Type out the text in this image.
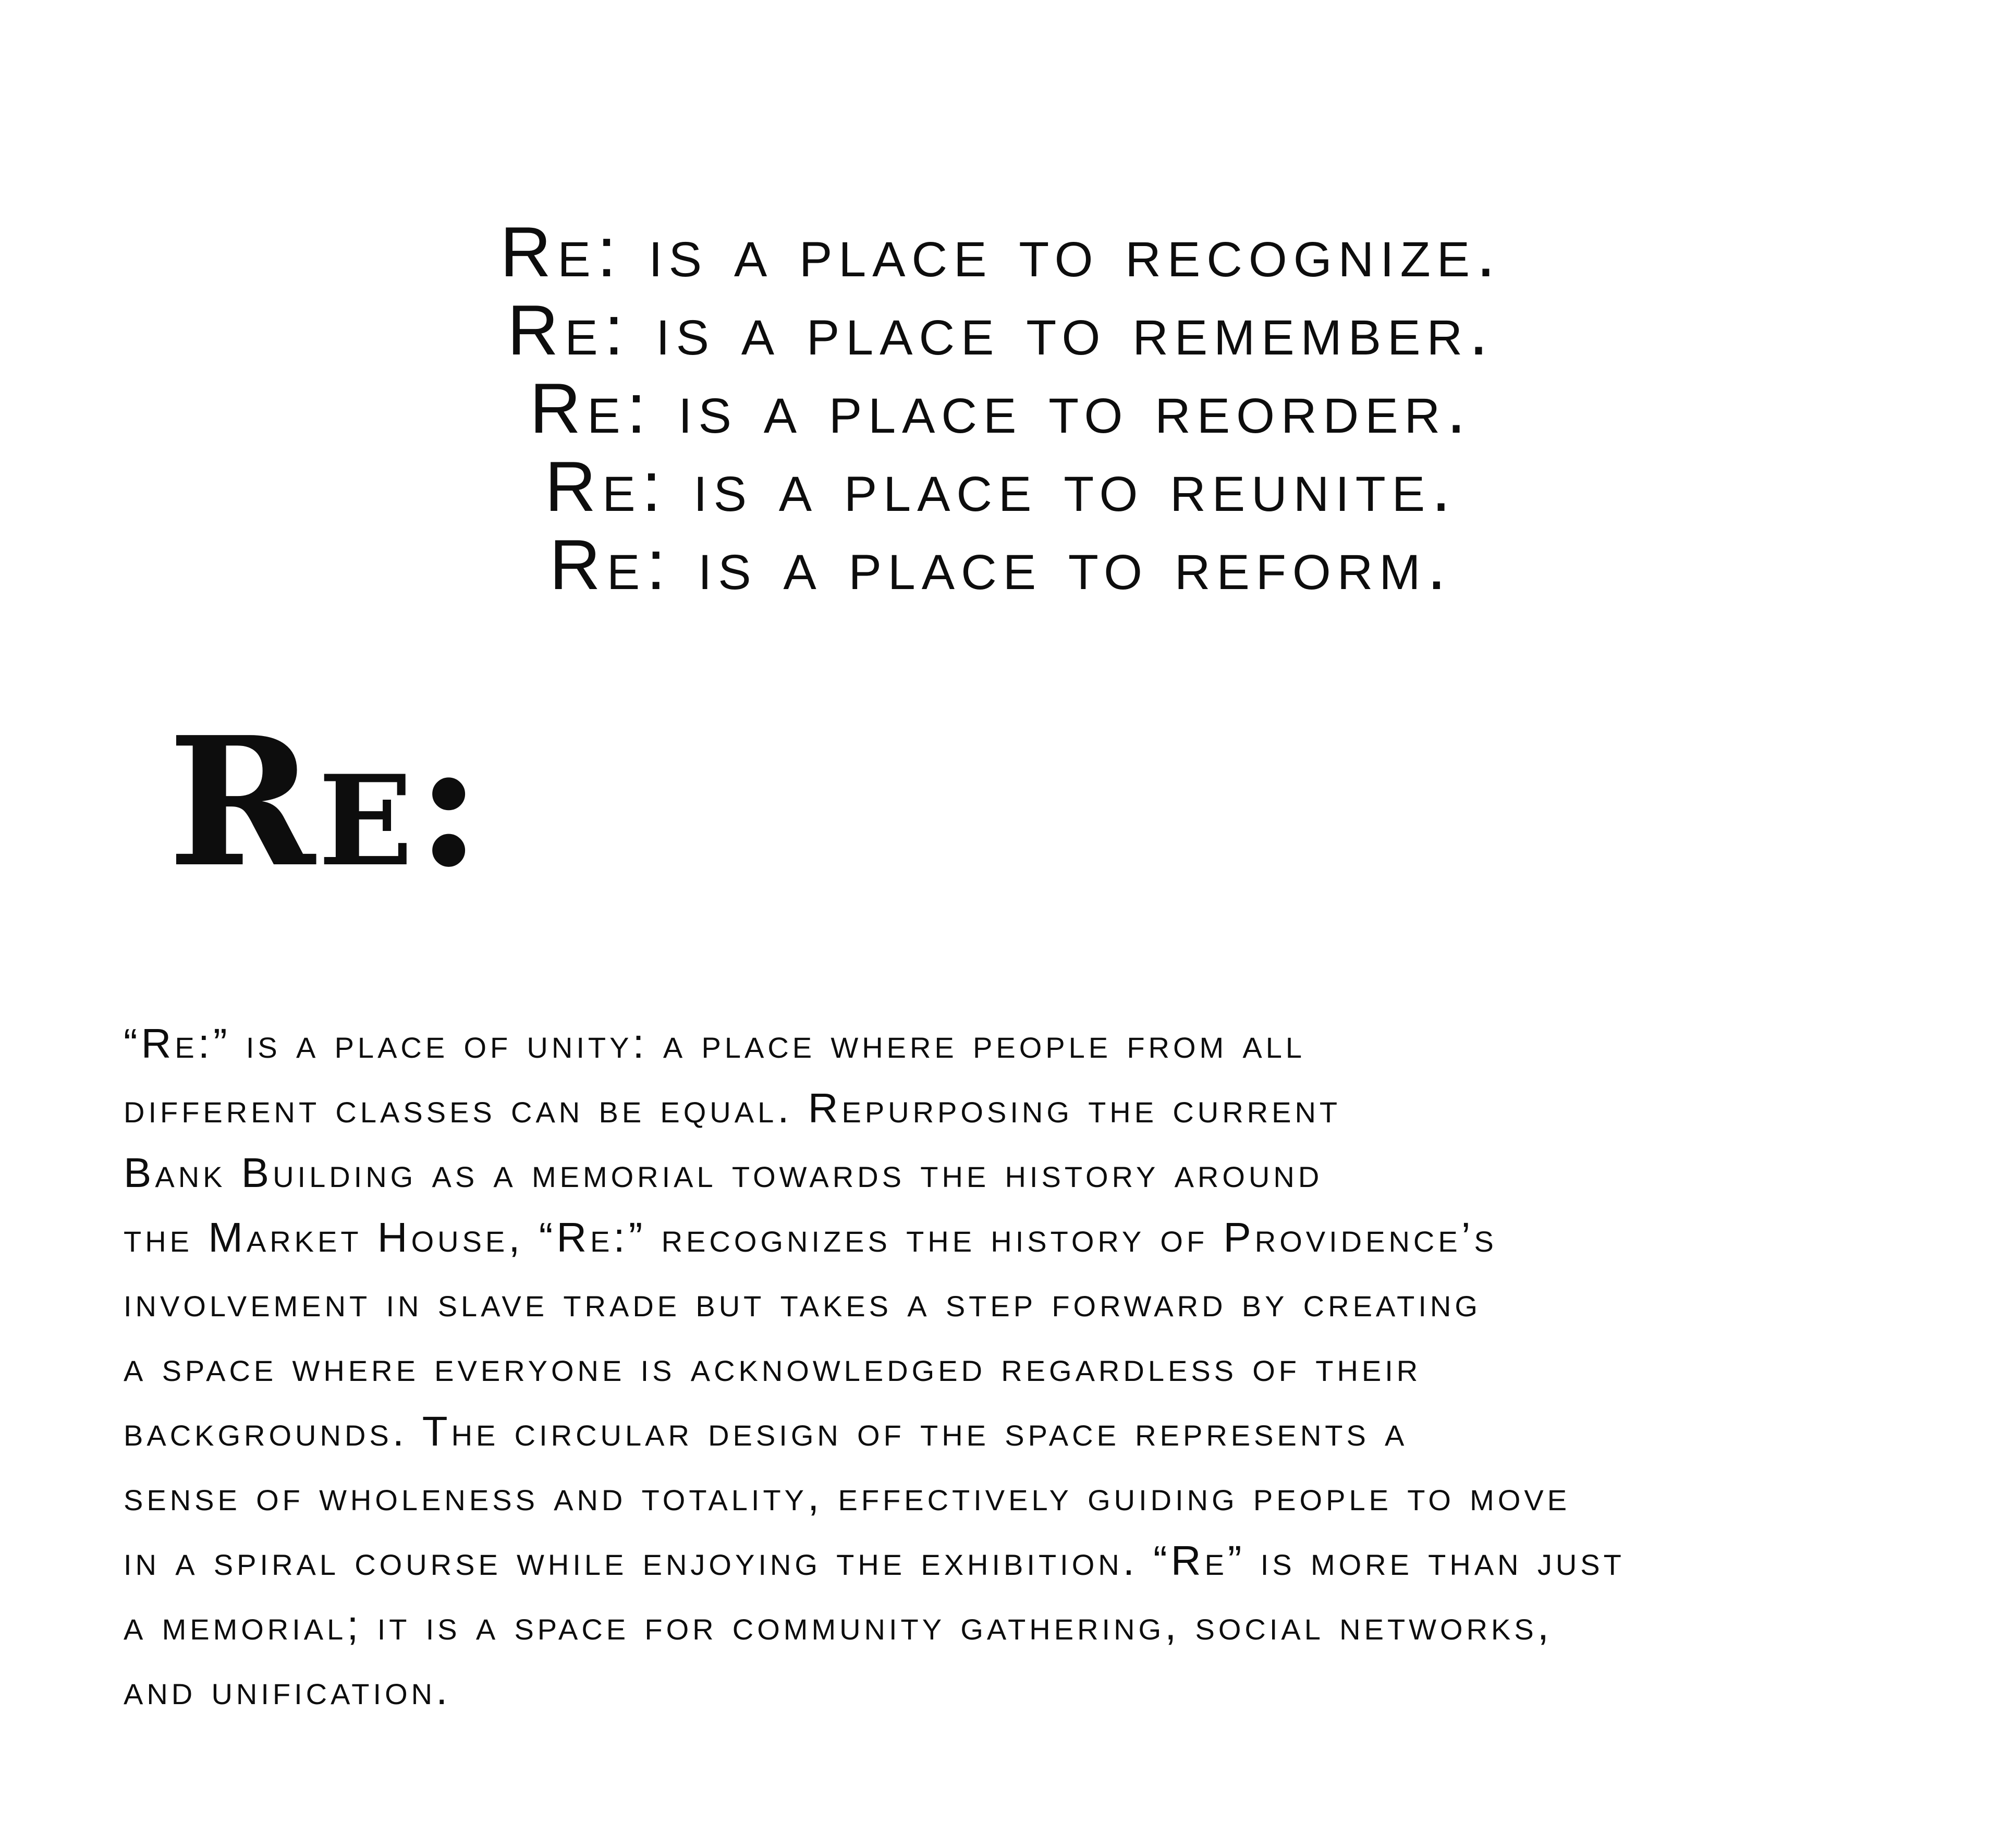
Re: is a place to recognize.
Re: is a place to remember.
Re: is a place to reorder.
Re: is a place to reunite.
Re: is a place to reform.
Re:
“Re:” is a place of unity: a place where people from all
different classes can be equal. Repurposing the current
Bank Building as a memorial towards the history around
the Market House, “Re:” recognizes the history of Providence’s
involvement in slave trade but takes a step forward by creating
a space where everyone is acknowledged regardless of their
backgrounds. The circular design of the space represents a
sense of wholeness and totality, effectively guiding people to move
in a spiral course while enjoying the exhibition. “Re” is more than just
a memorial; it is a space for community gathering, social networks,
and unification.
